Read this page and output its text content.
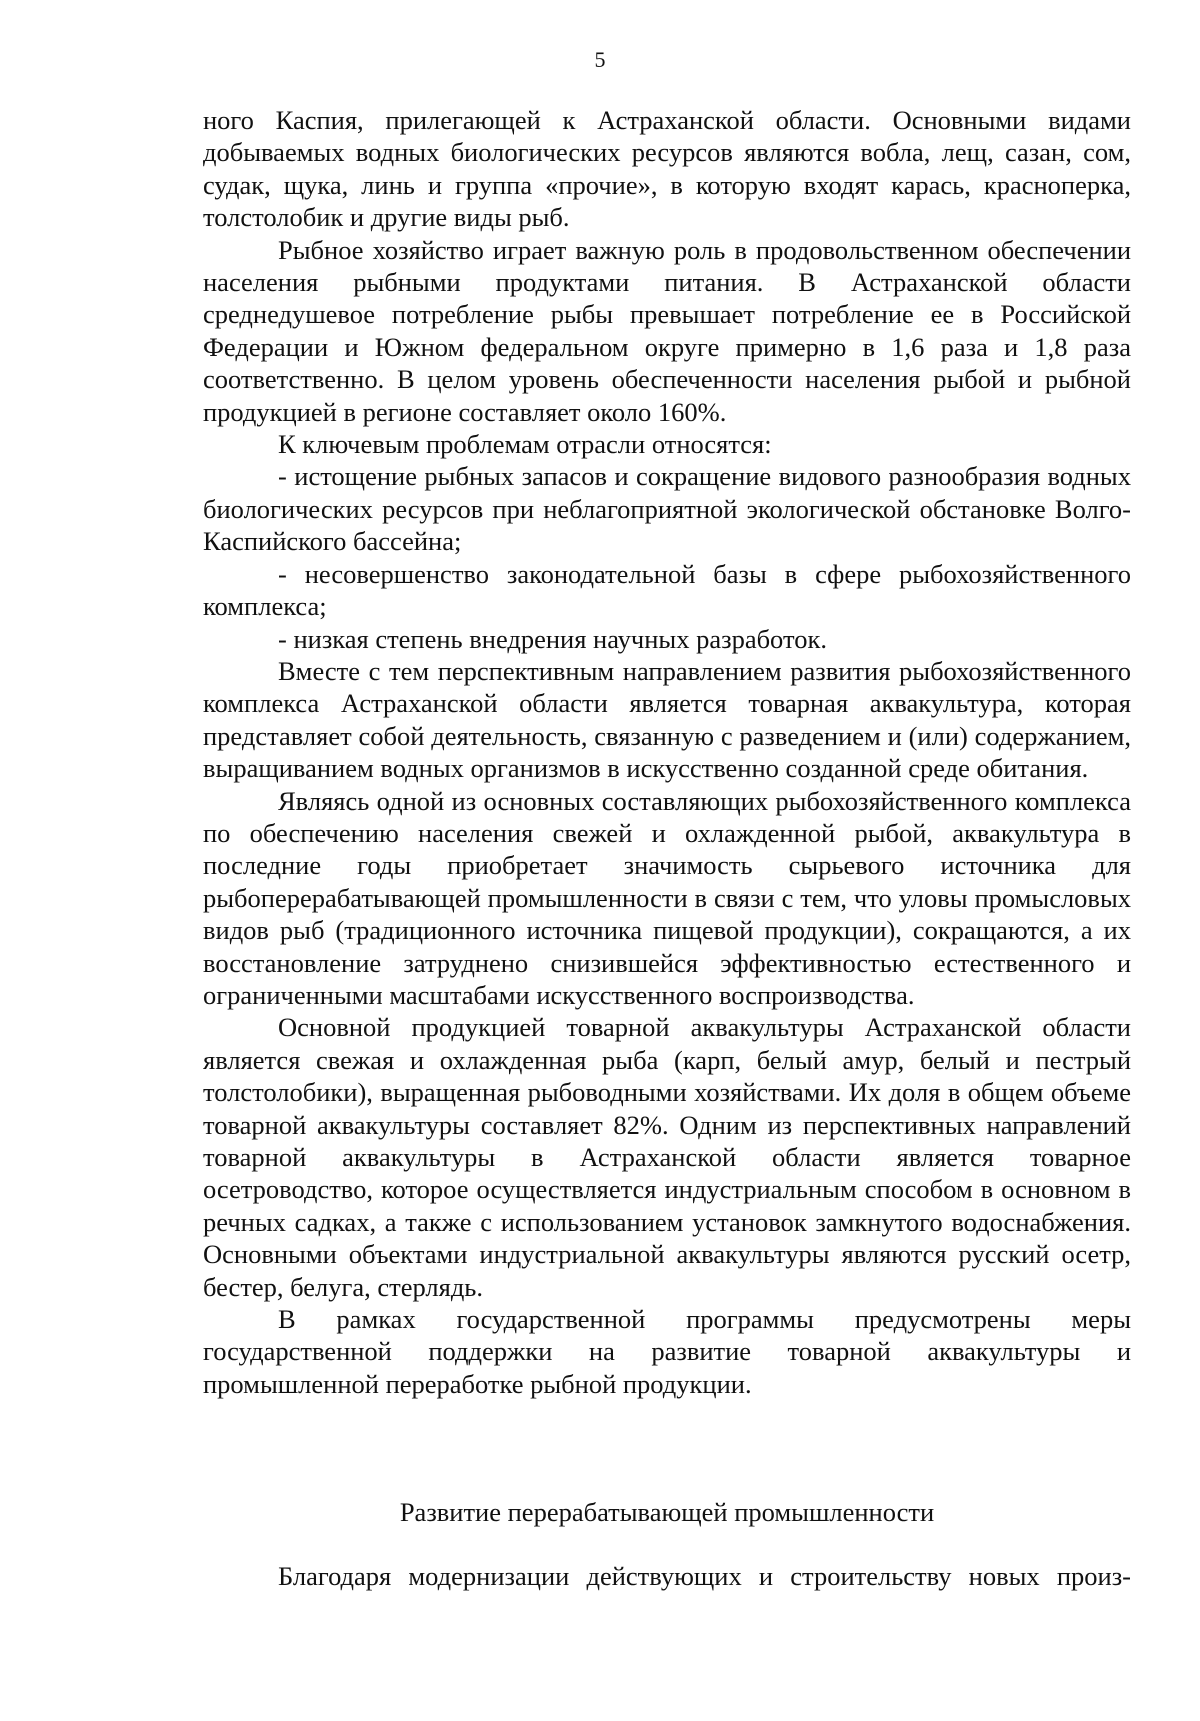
5

ного Каспия, прилегающей к Астраханской области. Основными видами добываемых водных биологических ресурсов являются вобла, лещ, сазан, сом, судак, щука, линь и группа «прочие», в которую входят карась, красноперка, толстолобик и другие виды рыб.

Рыбное хозяйство играет важную роль в продовольственном обеспечении населения рыбными продуктами питания. В Астраханской области среднедушевое потребление рыбы превышает потребление ее в Российской Федерации и Южном федеральном округе примерно в 1,6 раза и 1,8 раза соответственно. В целом уровень обеспеченности населения рыбой и рыбной продукцией в регионе составляет около 160%.

К ключевым проблемам отрасли относятся:

- истощение рыбных запасов и сокращение видового разнообразия водных биологических ресурсов при неблагоприятной экологической обстановке Волго-Каспийского бассейна;

- несовершенство законодательной базы в сфере рыбохозяйственного комплекса;

- низкая степень внедрения научных разработок.

Вместе с тем перспективным направлением развития рыбохозяйственного комплекса Астраханской области является товарная аквакультура, которая представляет собой деятельность, связанную с разведением и (или) содержанием, выращиванием водных организмов в искусственно созданной среде обитания.

Являясь одной из основных составляющих рыбохозяйственного комплекса по обеспечению населения свежей и охлажденной рыбой, аквакультура в последние годы приобретает значимость сырьевого источника для рыбоперерабатывающей промышленности в связи с тем, что уловы промысловых видов рыб (традиционного источника пищевой продукции), сокращаются, а их восстановление затруднено снизившейся эффективностью естественного и ограниченными масштабами искусственного воспроизводства.

Основной продукцией товарной аквакультуры Астраханской области является свежая и охлажденная рыба (карп, белый амур, белый и пестрый толстолобики), выращенная рыбоводными хозяйствами. Их доля в общем объеме товарной аквакультуры составляет 82%. Одним из перспективных направлений товарной аквакультуры в Астраханской области является товарное осетроводство, которое осуществляется индустриальным способом в основном в речных садках, а также с использованием установок замкнутого водоснабжения. Основными объектами индустриальной аквакультуры являются русский осетр, бестер, белуга, стерлядь.

В рамках государственной программы предусмотрены меры государственной поддержки на развитие товарной аквакультуры и промышленной переработке рыбной продукции.

Развитие перерабатывающей промышленности

Благодаря модернизации действующих и строительству новых произ-
